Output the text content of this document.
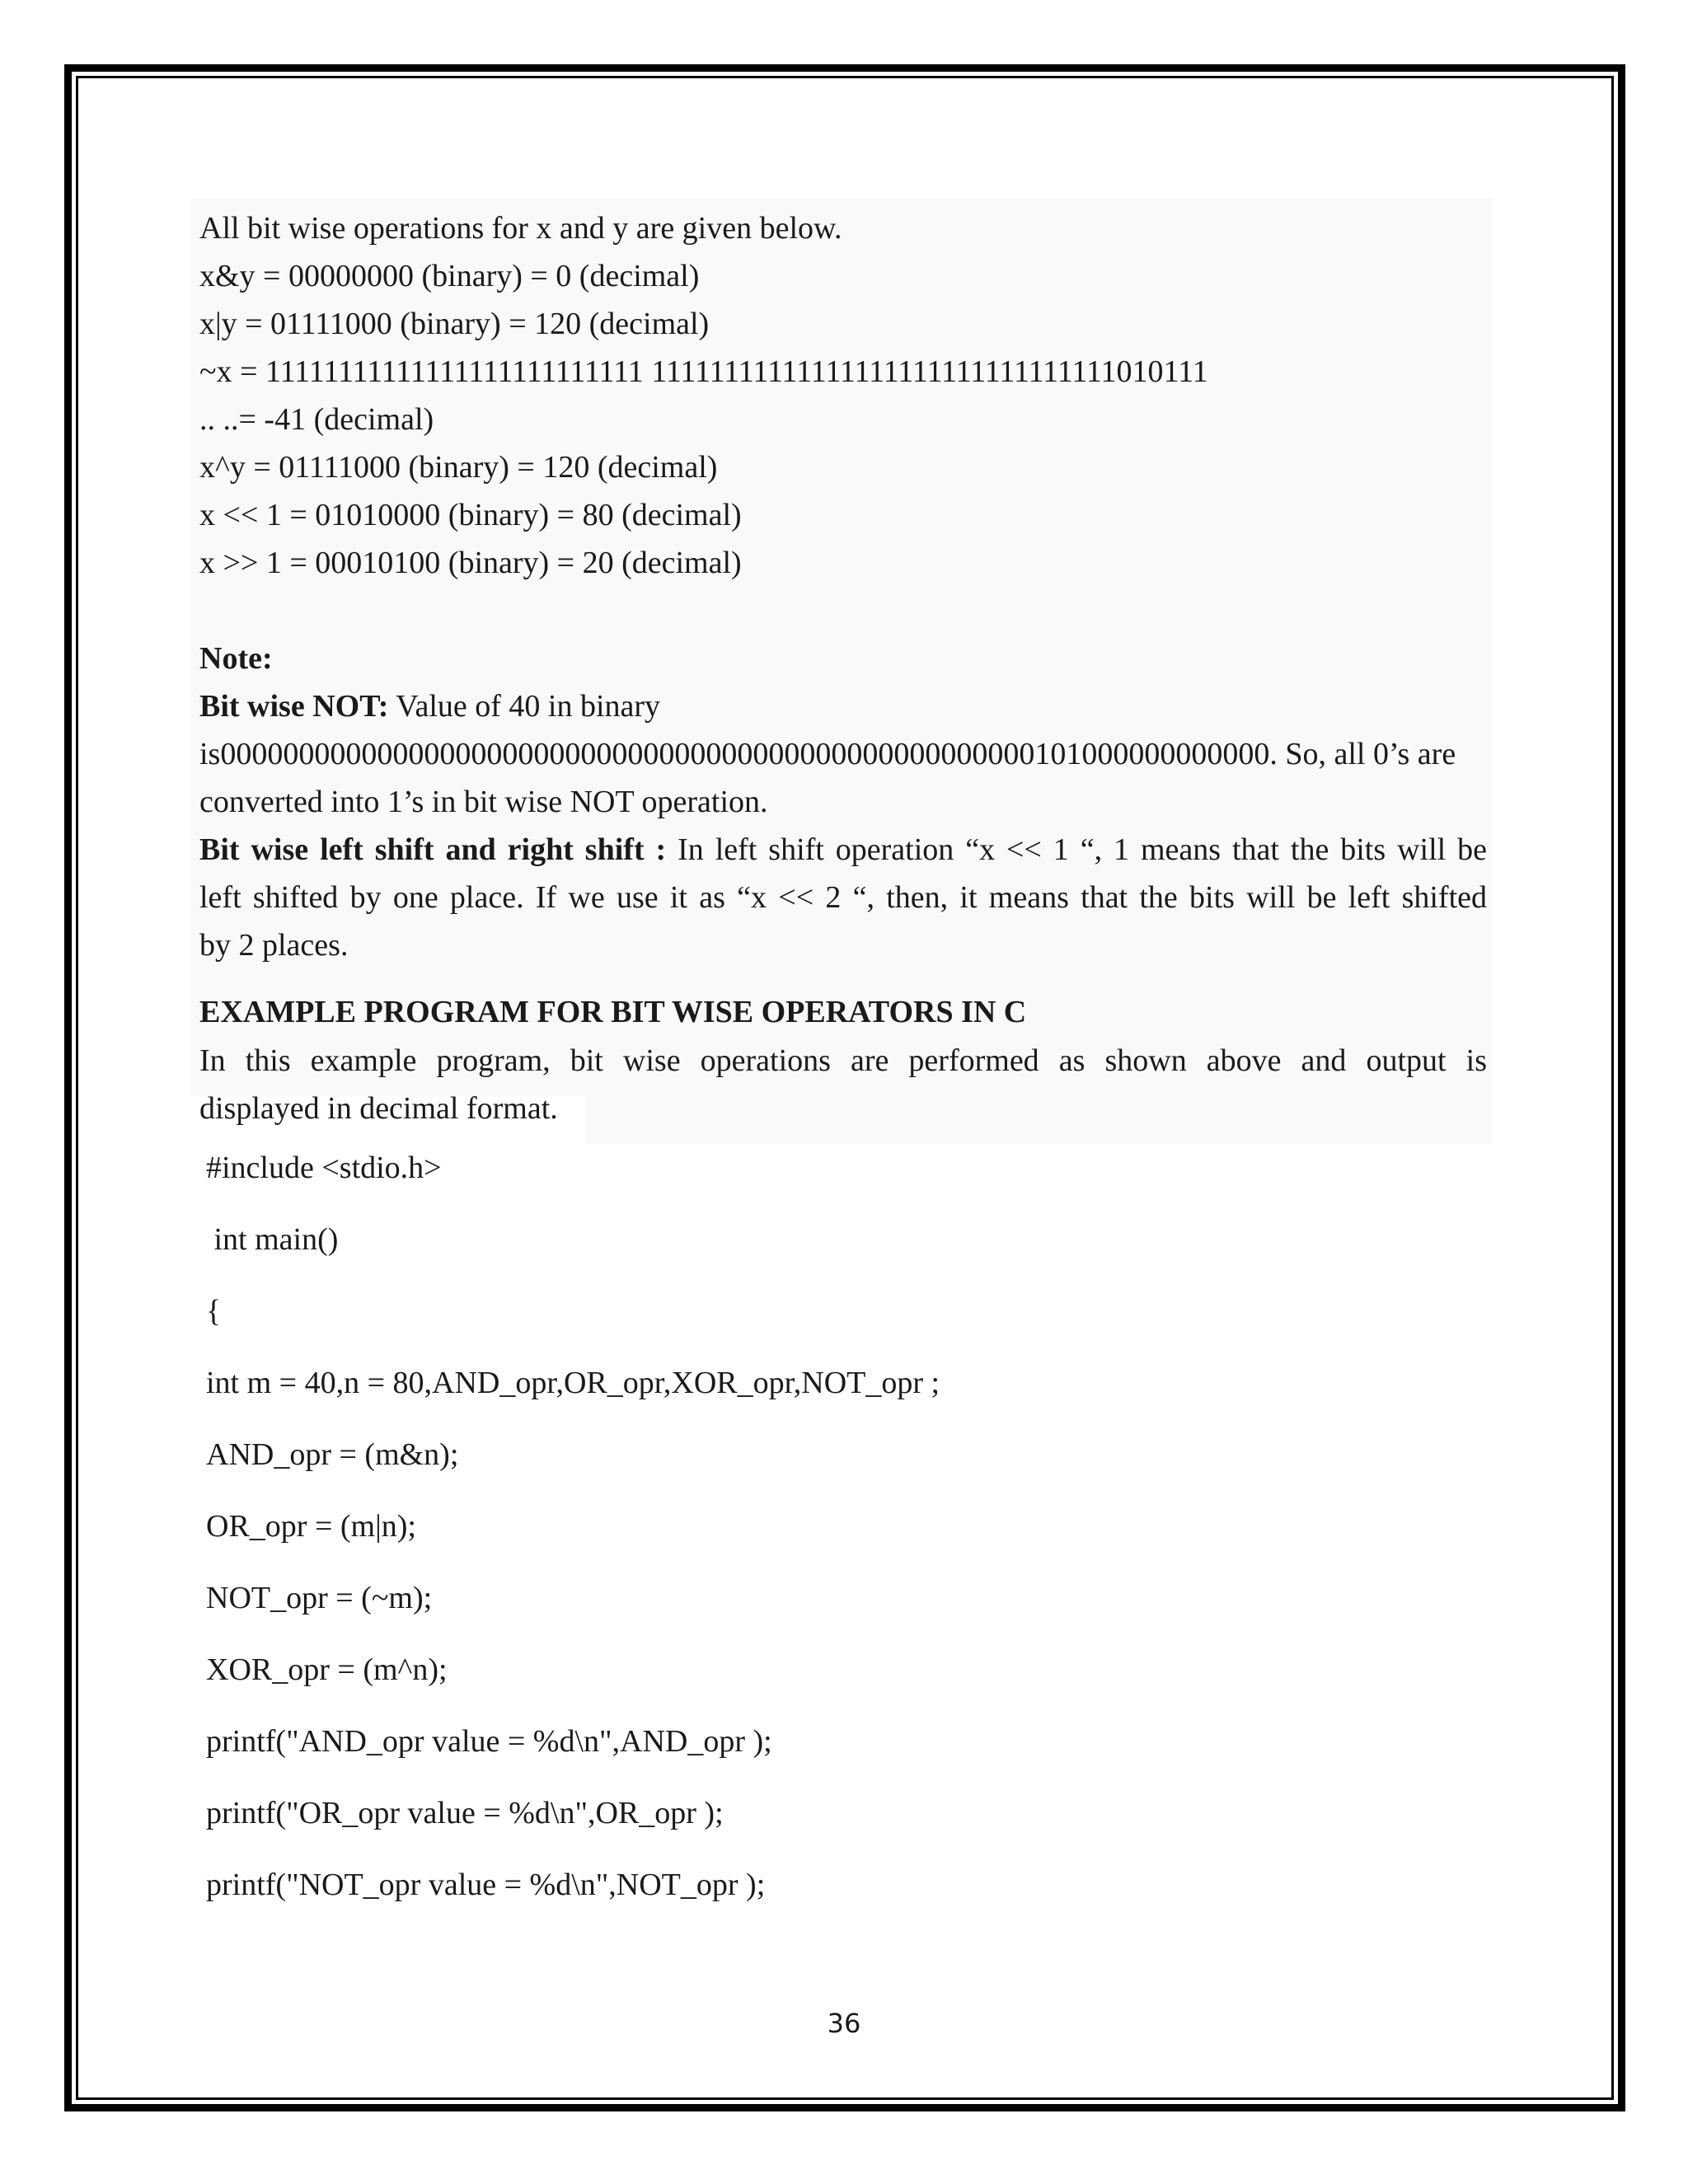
All bit wise operations for x and y are given below.
x&y = 00000000 (binary) = 0 (decimal)
x|y = 01111000 (binary) = 120 (decimal)
~x = 11111111111111111111111111 11111111111111111111111111111111010111
.. ..= -41 (decimal)
x^y = 01111000 (binary) = 120 (decimal)
x << 1 = 01010000 (binary) = 80 (decimal)
x >> 1 = 00010100 (binary) = 20 (decimal)
Note:
Bit wise NOT: Value of 40 in binary
is0000000000000000000000000000000000000000000000000000101000000000000. So, all 0’s are
converted into 1’s in bit wise NOT operation.
Bit wise left shift and right shift : In left shift operation “x << 1 “, 1 means that the bits will be
left shifted by one place. If we use it as “x << 2 “, then, it means that the bits will be left shifted
by 2 places.
EXAMPLE PROGRAM FOR BIT WISE OPERATORS IN C
In this example program, bit wise operations are performed as shown above and output is
displayed in decimal format.
#include <stdio.h>
int main()
{
int m = 40,n = 80,AND_opr,OR_opr,XOR_opr,NOT_opr ;
AND_opr = (m&n);
OR_opr = (m|n);
NOT_opr = (~m);
XOR_opr = (m^n);
printf("AND_opr value = %d\n",AND_opr );
printf("OR_opr value = %d\n",OR_opr );
printf("NOT_opr value = %d\n",NOT_opr );
36
